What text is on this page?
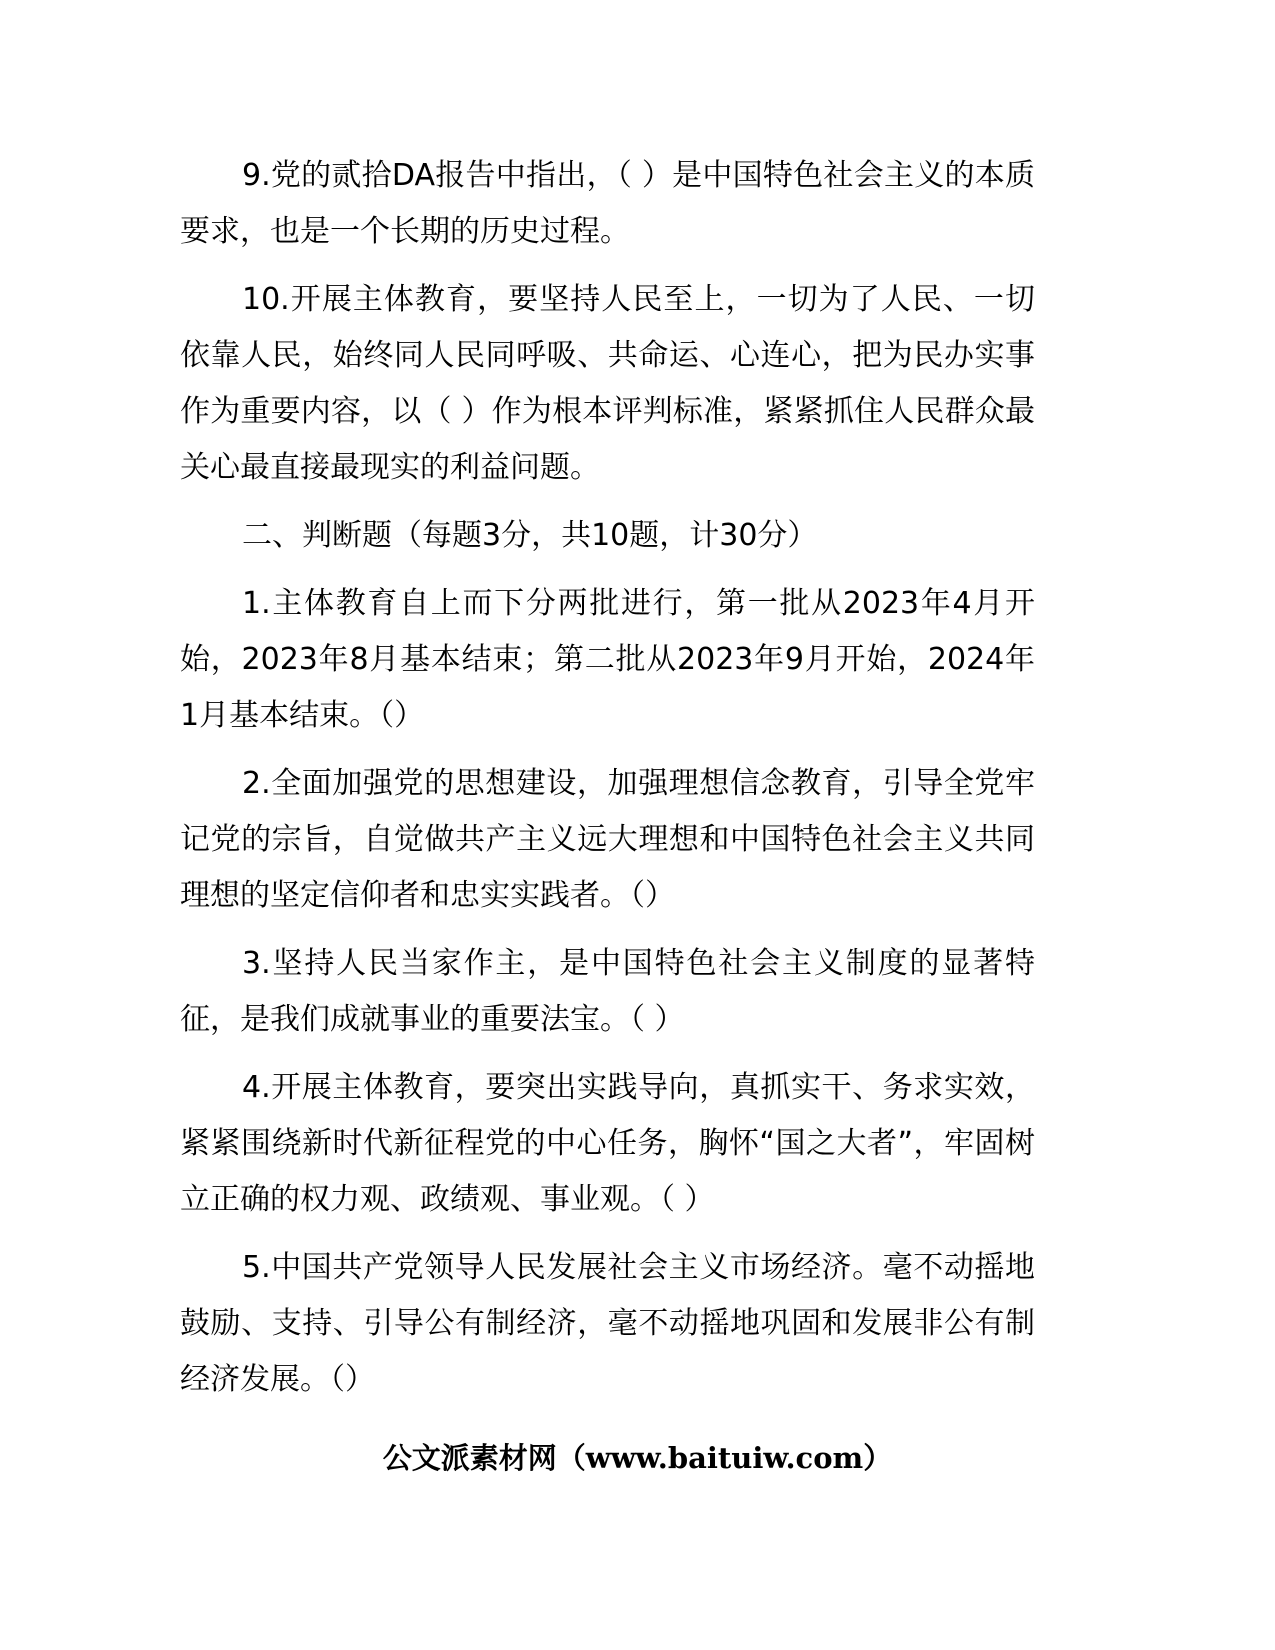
9.党的贰拾DA报告中指出，（ ）是中国特色社会主义的本质要求，也是一个长期的历史过程。

10.开展主体教育，要坚持人民至上，一切为了人民、一切依靠人民，始终同人民同呼吸、共命运、心连心，把为民办实事作为重要内容，以（ ）作为根本评判标准，紧紧抓住人民群众最关心最直接最现实的利益问题。

二、判断题（每题3分，共10题，计30分）

1.主体教育自上而下分两批进行，第一批从2023年4月开始，2023年8月基本结束；第二批从2023年9月开始，2024年1月基本结束。（）

2.全面加强党的思想建设，加强理想信念教育，引导全党牢记党的宗旨，自觉做共产主义远大理想和中国特色社会主义共同理想的坚定信仰者和忠实实践者。（）

3.坚持人民当家作主，是中国特色社会主义制度的显著特征，是我们成就事业的重要法宝。（ ）

4.开展主体教育，要突出实践导向，真抓实干、务求实效，紧紧围绕新时代新征程党的中心任务，胸怀“国之大者”，牢固树立正确的权力观、政绩观、事业观。（ ）

5.中国共产党领导人民发展社会主义市场经济。毫不动摇地鼓励、支持、引导公有制经济，毫不动摇地巩固和发展非公有制经济发展。（）

公文派素材网（www.baituiw.com）
